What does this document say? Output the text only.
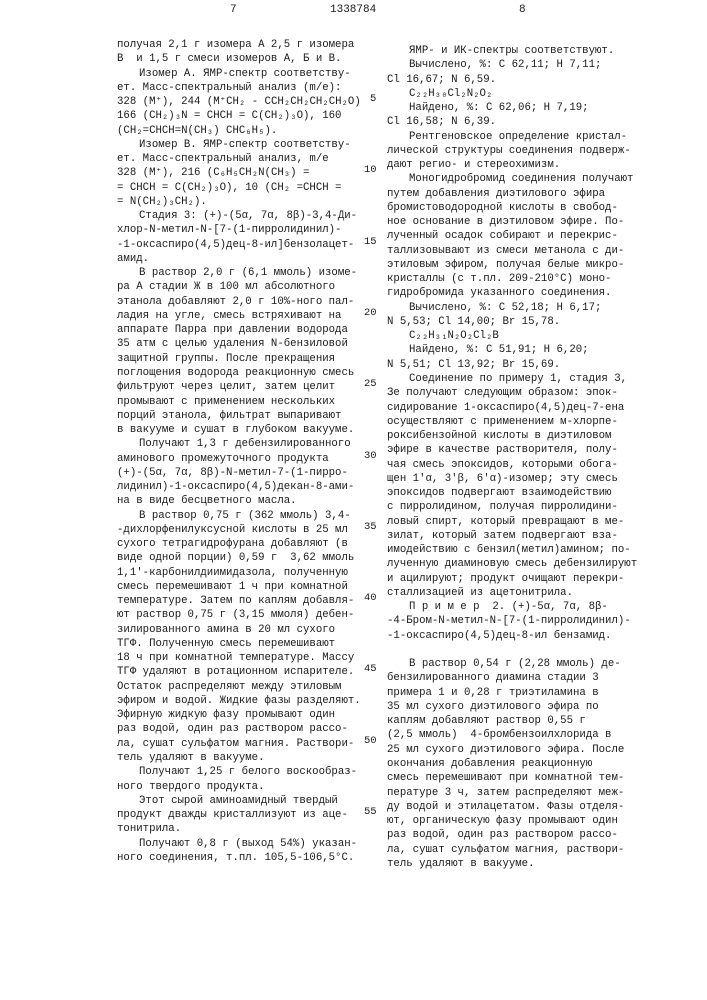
7	1338784	8
получая 2,1 г изомера А 2,5 г изомера
В  и 1,5 г смеси изомеров А, Б и В.
Изомер А. ЯМР-спектр соответству-
ет. Масс-спектральный анализ (m/e):
328 (M⁺), 244 (M⁺CH₂ - CCH₂CH₂CH₂CH₂O)
166 (CH₂)₃N = CHCH = C(CH₂)₃O), 160
(CH₂=CHCH=N(CH₃) CHC₆H₅).
Изомер В. ЯМР-спектр соответству-
ет. Масс-спектральный анализ, m/e
328 (M⁺), 216 (C₆H₅CH₂N(CH₃) =
= CHCH = C(CH₂)₃O), 10 (CH₂ =CHCH =
= N(CH₂)₃CH₂).
Стадия 3: (+)-(5α, 7α, 8β)-3,4-Ди-
хлор-N-метил-N-[7-(1-пирролидинил)-
-1-оксаспиро(4,5)дец-8-ил]бензолацет-
амид.
В раствор 2,0 г (6,1 ммоль) изоме-
ра А стадии Ж в 100 мл абсолютного
этанола добавляют 2,0 г 10%-ного пал-
ладия на угле, смесь встряхивают на
аппарате Парра при давлении водорода
35 атм с целью удаления N-бензиловой
защитной группы. После прекращения
поглощения водорода реакционную смесь
фильтруют через целит, затем целит
промывают с применением нескольких
порций этанола, фильтрат выпаривают
в вакууме и сушат в глубоком вакууме.
Получают 1,3 г дебензилированного
аминового промежуточного продукта
(+)-(5α, 7α, 8β)-N-метил-7-(1-пирро-
лидинил)-1-оксаспиро(4,5)декан-8-ами-
на в виде бесцветного масла.
В раствор 0,75 г (362 ммоль) 3,4-
-дихлорфенилуксусной кислоты в 25 мл
сухого тетрагидрофурана добавляют (в
виде одной порции) 0,59 г  3,62 ммоль
1,1'-карбонилдиимидазола, полученную
смесь перемешивают 1 ч при комнатной
температуре. Затем по каплям добавля-
ют раствор 0,75 г (3,15 ммоля) дебен-
зилированного амина в 20 мл сухого
ТГФ. Полученную смесь перемешивают
18 ч при комнатной температуре. Массу
ТГФ удаляют в ротационном испарителе.
Остаток распределяют между этиловым
эфиром и водой. Жидкие фазы разделяют.
Эфирную жидкую фазу промывают один
раз водой, один раз раствором рассо-
ла, сушат сульфатом магния. Раствори-
тель удаляют в вакууме.
Получают 1,25 г белого воскообраз-
ного твердого продукта.
Этот сырой аминоамидный твердый
продукт дважды кристаллизуют из аце-
тонитрила.
Получают 0,8 г (выход 54%) указан-
ного соединения, т.пл. 105,5-106,5°C.
ЯМР- и ИК-спектры соответствуют.
Вычислено, %: С 62,11; Н 7,11;
Cl 16,67; N 6,59.
C₂₂H₃₀Cl₂N₂O₂
Найдено, %: С 62,06; Н 7,19;
Cl 16,58; N 6,39.
Рентгеновское определение кристал-
лической структуры соединения подверж-
дают регио- и стереохимизм.
Моногидробромид соединения получают
путем добавления диэтилового эфира
бромистоводородной кислоты в свобод-
ное основание в диэтиловом эфире. По-
лученный осадок собирают и перекрис-
таллизовывают из смеси метанола с ди-
этиловым эфиром, получая белые микро-
кристаллы (с т.пл. 209-210°С) моно-
гидробромида указанного соединения.
Вычислено, %: С 52,18; Н 6,17;
N 5,53; Cl 14,00; Br 15,78.
C₂₂H₃₁N₂O₂Cl₂B
Найдено, %: С 51,91; Н 6,20;
N 5,51; Cl 13,92; Br 15,69.
Соединение по примеру 1, стадия 3,
Зе получают следующим образом: эпок-
сидирование 1-оксаспиро(4,5)дец-7-ена
осуществляют с применением м-хлорпе-
роксибензойной кислоты в диэтиловом
эфире в качестве растворителя, полу-
чая смесь эпоксидов, которыми обога-
щен 1'α, 3'β, 6'α)-изомер; эту смесь
эпоксидов подвергают взаимодействию
с пирролидином, получая пирролидини-
ловый спирт, который превращают в ме-
зилат, который затем подвергают вза-
имодействию с бензил(метил)амином; по-
лученную диаминовую смесь дебензилируют
и ацилируют; продукт очищают перекри-
сталлизацией из ацетонитрила.
П р и м е р  2. (+)-5α, 7α, 8β-
-4-Бром-N-метил-N-[7-(1-пирролидинил)-
-1-оксаспиро(4,5)дец-8-ил бензамид.
В раствор 0,54 г (2,28 ммоль) де-
бензилированного диамина стадии 3
примера 1 и 0,28 г триэтиламина в
35 мл сухого диэтилового эфира по
каплям добавляют раствор 0,55 г
(2,5 ммоль)  4-бромбензоилхлорида в
25 мл сухого диэтилового эфира. После
окончания добавления реакционную
смесь перемешивают при комнатной тем-
пературе 3 ч, затем распределяют меж-
ду водой и этилацетатом. Фазы отделя-
ют, органическую фазу промывают один
раз водой, один раз раствором рассо-
ла, сушат сульфатом магния, раствори-
тель удаляют в вакууме.
5
10
15
20
25
30
35
40
45
50
55
